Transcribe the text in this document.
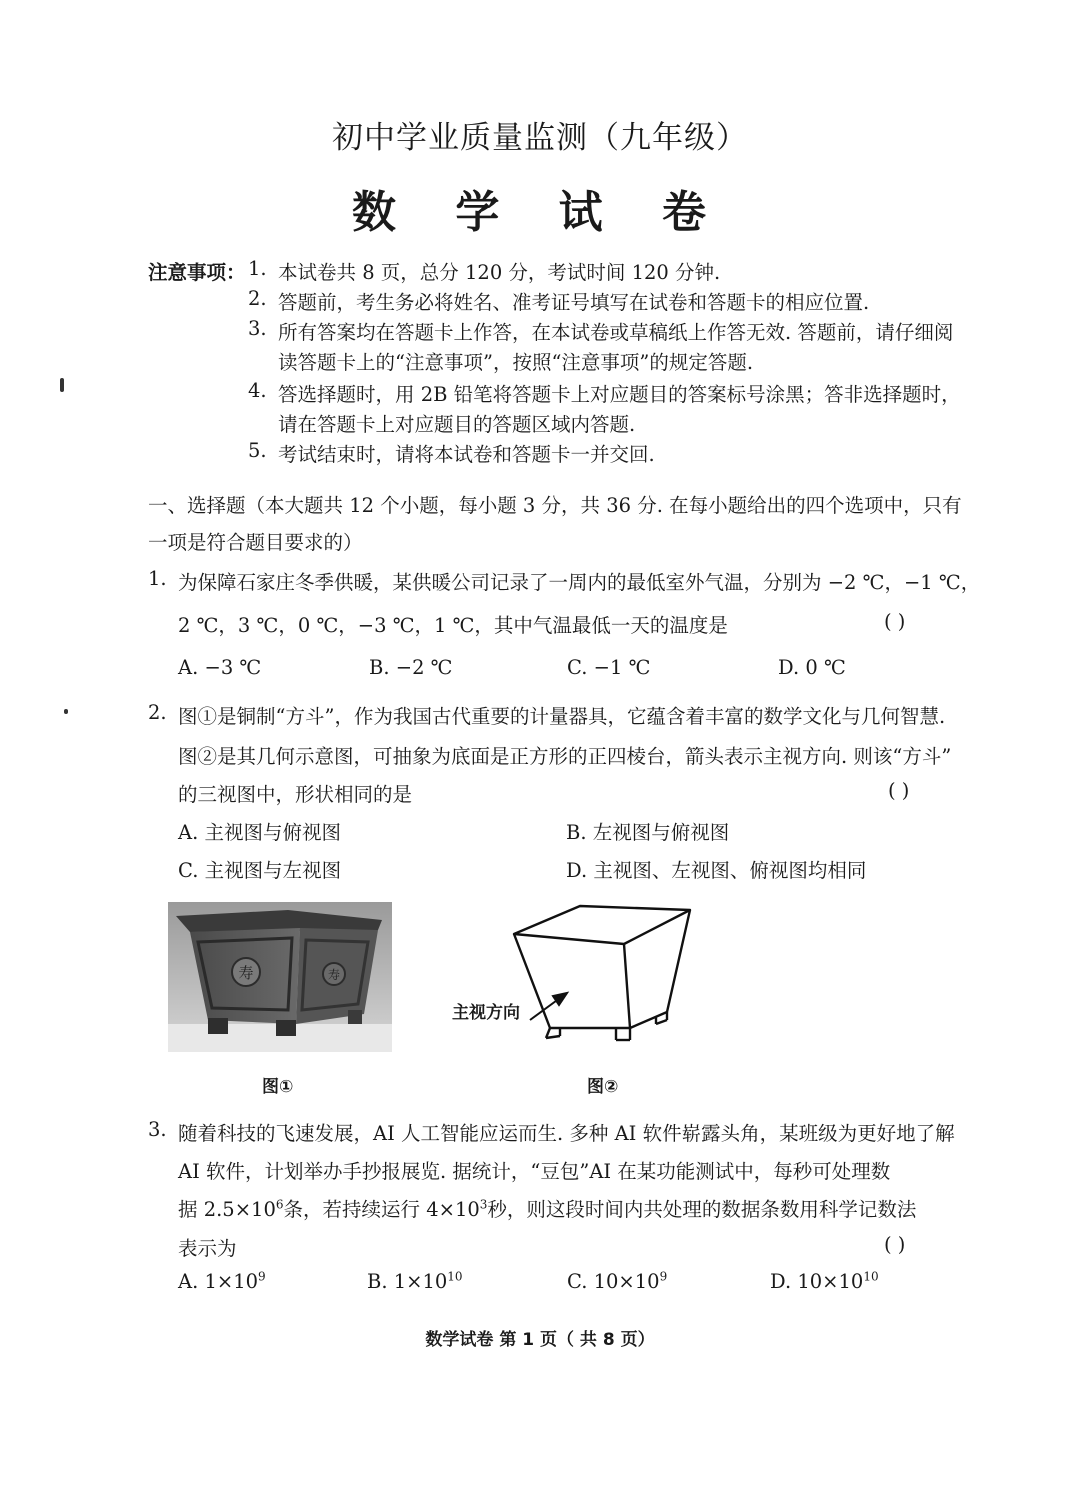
初中学业质量监测（九年级）
数 学 试 卷
注意事项： 1. 本试卷共 8 页，总分 120 分，考试时间 120 分钟.
2. 答题前，考生务必将姓名、准考证号填写在试卷和答题卡的相应位置.
3. 所有答案均在答题卡上作答，在本试卷或草稿纸上作答无效. 答题前，请仔细阅
读答题卡上的“注意事项”，按照“注意事项”的规定答题.
4. 答选择题时，用 2B 铅笔将答题卡上对应题目的答案标号涂黑；答非选择题时，
请在答题卡上对应题目的答题区域内答题.
5. 考试结束时，请将本试卷和答题卡一并交回.
一、选择题（本大题共 12 个小题，每小题 3 分，共 36 分. 在每小题给出的四个选项中，只有
一项是符合题目要求的）
1. 为保障石家庄冬季供暖，某供暖公司记录了一周内的最低室外气温，分别为 −2 ℃，−1 ℃，
2 ℃，3 ℃，0 ℃，−3 ℃，1 ℃，其中气温最低一天的温度是	( )
A. −3 ℃	B. −2 ℃	C. −1 ℃	D. 0 ℃
2. 图①是铜制“方斗”，作为我国古代重要的计量器具，它蕴含着丰富的数学文化与几何智慧.
图②是其几何示意图，可抽象为底面是正方形的正四棱台，箭头表示主视方向. 则该“方斗”
的三视图中，形状相同的是	( )
A. 主视图与俯视图	B. 左视图与俯视图
C. 主视图与左视图	D. 主视图、左视图、俯视图均相同
寿	寿
图①
主视方向
图②
3. 随着科技的飞速发展，AI 人工智能应运而生. 多种 AI 软件崭露头角，某班级为更好地了解
AI 软件，计划举办手抄报展览. 据统计，“豆包”AI 在某功能测试中，每秒可处理数
据 $2.5\times 10^6$条，若持续运行 $4\times 10^3$秒，则这段时间内共处理的数据条数用科学记数法
表示为	( )
A. $1\times 10^9$	B. $1\times 10^{10}$	C. $10\times 10^9$	D. $10\times 10^{10}$
数学试卷 第 1 页（ 共 8 页）
